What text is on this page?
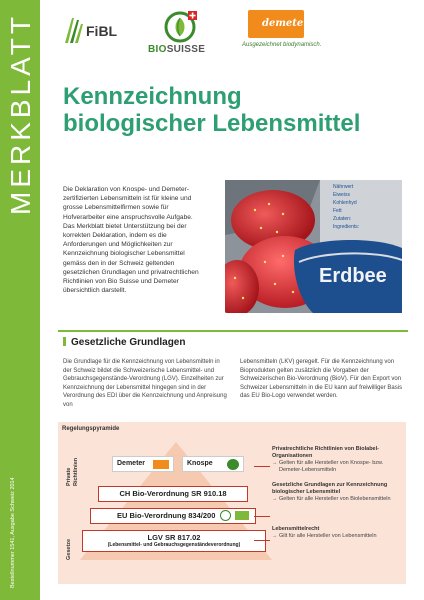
MERKBLATT
Bestellnummer 1541, Ausgabe Schweiz 2014
FiBL
BIOSUISSE
demeter
Ausgezeichnet biodynamisch.
Kennzeichnung
biologischer Lebensmittel

Die Deklaration von Knospe- und Demeter-zertifizierten Lebensmitteln ist für kleine und grosse Lebensmittelfirmen sowie für Hofverarbeiter eine anspruchsvolle Aufgabe.

Das Merkblatt bietet Unterstützung bei der korrekten Deklaration, indem es die Anforderungen und Möglichkeiten zur Kennzeichnung biologischer Lebensmittel gemäss den in der Schweiz geltenden gesetzlichen Grundlagen und privatrechtlichen Richtlinien von Bio Suisse und Demeter übersichtlich darstellt.

Erdbee
Nährwert
Eiweiss
Kohlenhyd
Fett
Zutaten:
Ingredients:
Gesetzliche Grundlagen

Die Grundlage für die Kennzeichnung von Lebensmitteln in der Schweiz bildet die Schweizerische Lebensmittel- und Gebrauchsgegenstände-Verordnung (LGV). Einzelheiten zur Kennzeichnung der Lebensmittel hingegen sind in der Verordnung des EDI über die Kennzeichnung und Anpreisung von

Lebensmitteln (LKV) geregelt. Für die Kennzeichnung von Bioprodukten gelten zusätzlich die Vorgaben der Schweizerischen Bio-Verordnung (BioV). Für den Export von Schweizer Lebensmitteln in die EU kann auf freiwilliger Basis das EU Bio-Logo verwendet werden.

Regelungspyramide
Private
Richtlinien
Gesetze
Demeter	Knospe
CH Bio-Verordnung SR 910.18
EU Bio-Verordnung 834/200
LGV SR 817.02
(Lebensmittel- und Gebrauchsgegenständeverordnung)
Privatrechtliche Richtlinien von Biolabel-Organisationen
→ Gelten für alle Hersteller von Knospe- bzw. Demeter-Lebensmitteln
Gesetzliche Grundlagen zur Kennzeichnung biologischer Lebensmittel
→ Gelten für alle Hersteller von Biolebensmitteln
Lebensmittelrecht
→ Gilt für alle Hersteller von Lebensmitteln
